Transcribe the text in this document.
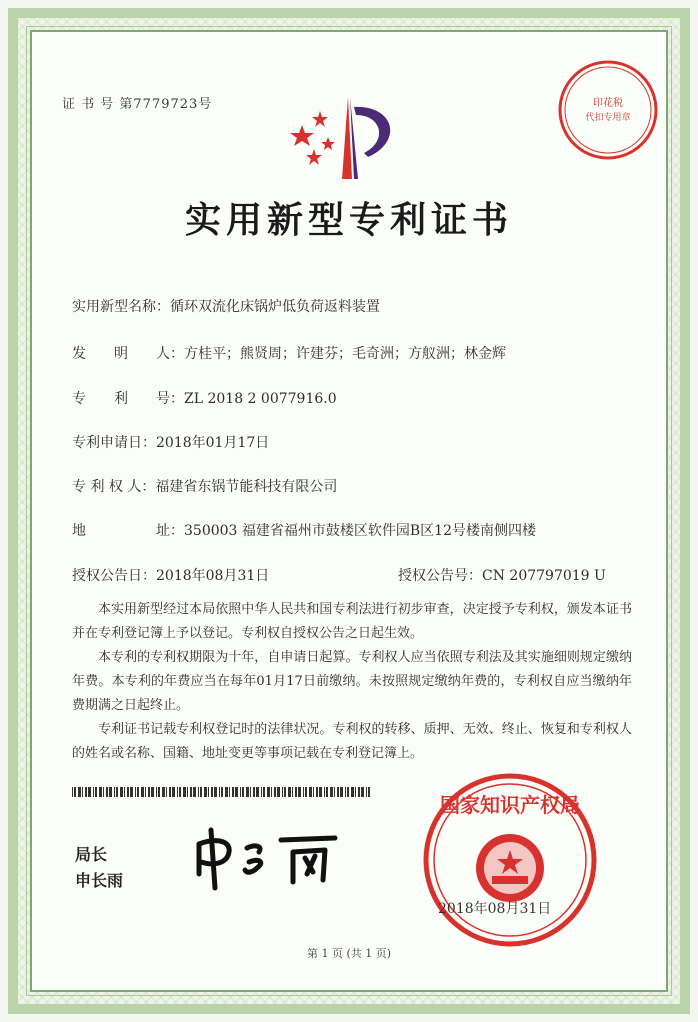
证 书 号 第7779723号	印花税
代扣专用章
实用新型专利证书
实用新型名称：循环双流化床锅炉低负荷返料装置
发　　明　　人：方桂平；熊贤周；许建芬；毛奇洲；方舣洲；林金辉
专　　利　　号：ZL 2018 2 0077916.0
专利申请日：2018年01月17日
专 利 权 人：福建省东锅节能科技有限公司
地　　　　　址：350003 福建省福州市鼓楼区软件园B区12号楼南侧四楼
授权公告日：2018年08月31日	授权公告号：CN 207797019 U
本实用新型经过本局依照中华人民共和国专利法进行初步审查，决定授予专利权，颁发本证书并在专利登记簿上予以登记。专利权自授权公告之日起生效。
本专利的专利权期限为十年，自申请日起算。专利权人应当依照专利法及其实施细则规定缴纳年费。本专利的年费应当在每年01月17日前缴纳。未按照规定缴纳年费的，专利权自应当缴纳年费期满之日起终止。
专利证书记载专利权登记时的法律状况。专利权的转移、质押、无效、终止、恢复和专利权人的姓名或名称、国籍、地址变更等事项记载在专利登记簿上。
局长
申长雨
国家知识产权局
2018年08月31日
第 1 页 (共 1 页)
